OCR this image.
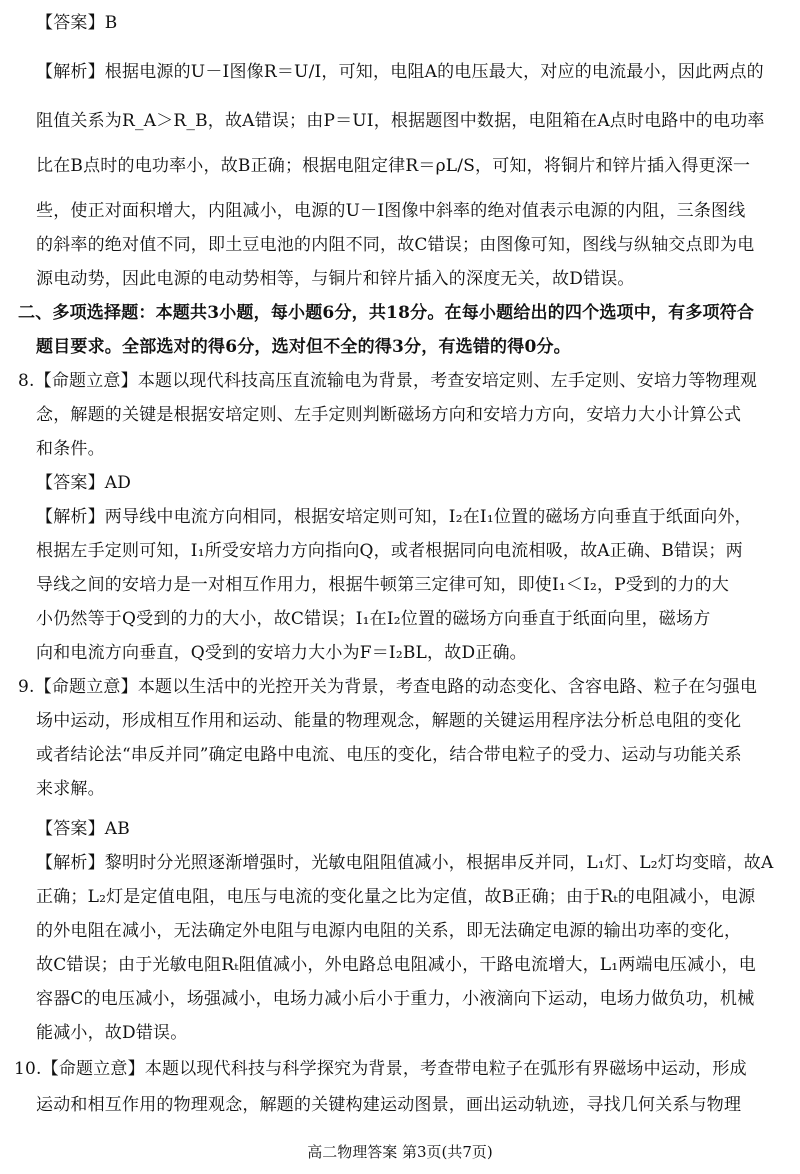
【答案】B
【解析】根据电源的U－I图像R＝U/I，可知，电阻A的电压最大，对应的电流最小，因此两点的
阻值关系为R_A＞R_B，故A错误；由P＝UI，根据题图中数据，电阻箱在A点时电路中的电功率
比在B点时的电功率小，故B正确；根据电阻定律R＝ρL/S，可知，将铜片和锌片插入得更深一
些，使正对面积增大，内阻减小，电源的U－I图像中斜率的绝对值表示电源的内阻，三条图线
的斜率的绝对值不同，即土豆电池的内阻不同，故C错误；由图像可知，图线与纵轴交点即为电
源电动势，因此电源的电动势相等，与铜片和锌片插入的深度无关，故D错误。
二、多项选择题：本题共3小题，每小题6分，共18分。在每小题给出的四个选项中，有多项符合
题目要求。全部选对的得6分，选对但不全的得3分，有选错的得0分。
8.【命题立意】本题以现代科技高压直流输电为背景，考查安培定则、左手定则、安培力等物理观
念，解题的关键是根据安培定则、左手定则判断磁场方向和安培力方向，安培力大小计算公式
和条件。
【答案】AD
【解析】两导线中电流方向相同，根据安培定则可知，I₂在I₁位置的磁场方向垂直于纸面向外，
根据左手定则可知，I₁所受安培力方向指向Q，或者根据同向电流相吸，故A正确、B错误；两
导线之间的安培力是一对相互作用力，根据牛顿第三定律可知，即使I₁＜I₂，P受到的力的大
小仍然等于Q受到的力的大小，故C错误；I₁在I₂位置的磁场方向垂直于纸面向里，磁场方
向和电流方向垂直，Q受到的安培力大小为F＝I₂BL，故D正确。
9.【命题立意】本题以生活中的光控开关为背景，考查电路的动态变化、含容电路、粒子在匀强电
场中运动，形成相互作用和运动、能量的物理观念，解题的关键运用程序法分析总电阻的变化
或者结论法“串反并同”确定电路中电流、电压的变化，结合带电粒子的受力、运动与功能关系
来求解。
【答案】AB
【解析】黎明时分光照逐渐增强时，光敏电阻阻值减小，根据串反并同，L₁灯、L₂灯均变暗，故A
正确；L₂灯是定值电阻，电压与电流的变化量之比为定值，故B正确；由于Rₜ的电阻减小，电源
的外电阻在减小，无法确定外电阻与电源内电阻的关系，即无法确定电源的输出功率的变化，
故C错误；由于光敏电阻Rₜ阻值减小，外电路总电阻减小，干路电流增大，L₁两端电压减小，电
容器C的电压减小，场强减小，电场力减小后小于重力，小液滴向下运动，电场力做负功，机械
能减小，故D错误。
10.【命题立意】本题以现代科技与科学探究为背景，考查带电粒子在弧形有界磁场中运动，形成
运动和相互作用的物理观念，解题的关键构建运动图景，画出运动轨迹，寻找几何关系与物理
高二物理答案 第3页(共7页)
